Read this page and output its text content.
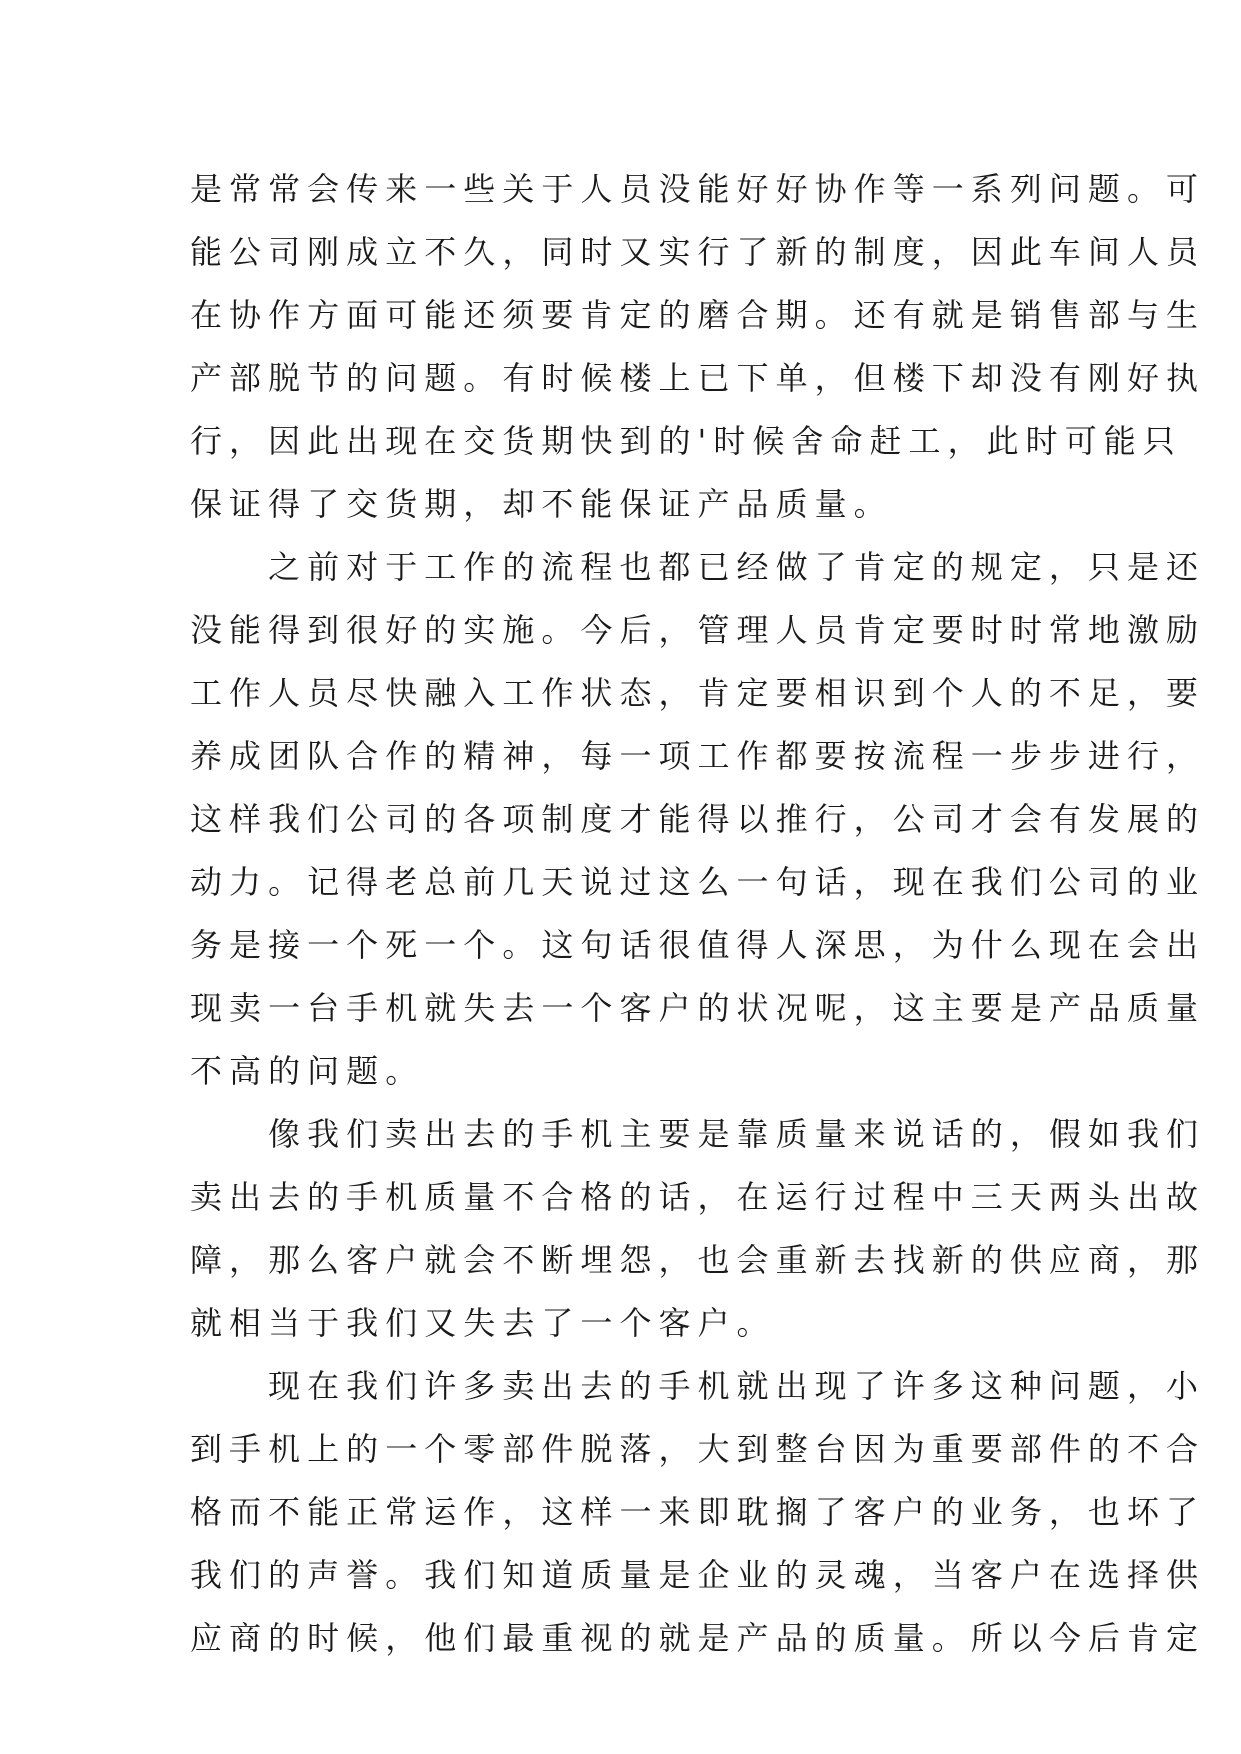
是常常会传来一些关于人员没能好好协作等一系列问题。可
能公司刚成立不久，同时又实行了新的制度，因此车间人员
在协作方面可能还须要肯定的磨合期。还有就是销售部与生
产部脱节的问题。有时候楼上已下单，但楼下却没有刚好执
行，因此出现在交货期快到的'时候舍命赶工，此时可能只
保证得了交货期，却不能保证产品质量。
　　之前对于工作的流程也都已经做了肯定的规定，只是还
没能得到很好的实施。今后，管理人员肯定要时时常地激励
工作人员尽快融入工作状态，肯定要相识到个人的不足，要
养成团队合作的精神，每一项工作都要按流程一步步进行，
这样我们公司的各项制度才能得以推行，公司才会有发展的
动力。记得老总前几天说过这么一句话，现在我们公司的业
务是接一个死一个。这句话很值得人深思，为什么现在会出
现卖一台手机就失去一个客户的状况呢，这主要是产品质量
不高的问题。
　　像我们卖出去的手机主要是靠质量来说话的，假如我们
卖出去的手机质量不合格的话，在运行过程中三天两头出故
障，那么客户就会不断埋怨，也会重新去找新的供应商，那
就相当于我们又失去了一个客户。
　　现在我们许多卖出去的手机就出现了许多这种问题，小
到手机上的一个零部件脱落，大到整台因为重要部件的不合
格而不能正常运作，这样一来即耽搁了客户的业务，也坏了
我们的声誉。我们知道质量是企业的灵魂，当客户在选择供
应商的时候，他们最重视的就是产品的质量。所以今后肯定
